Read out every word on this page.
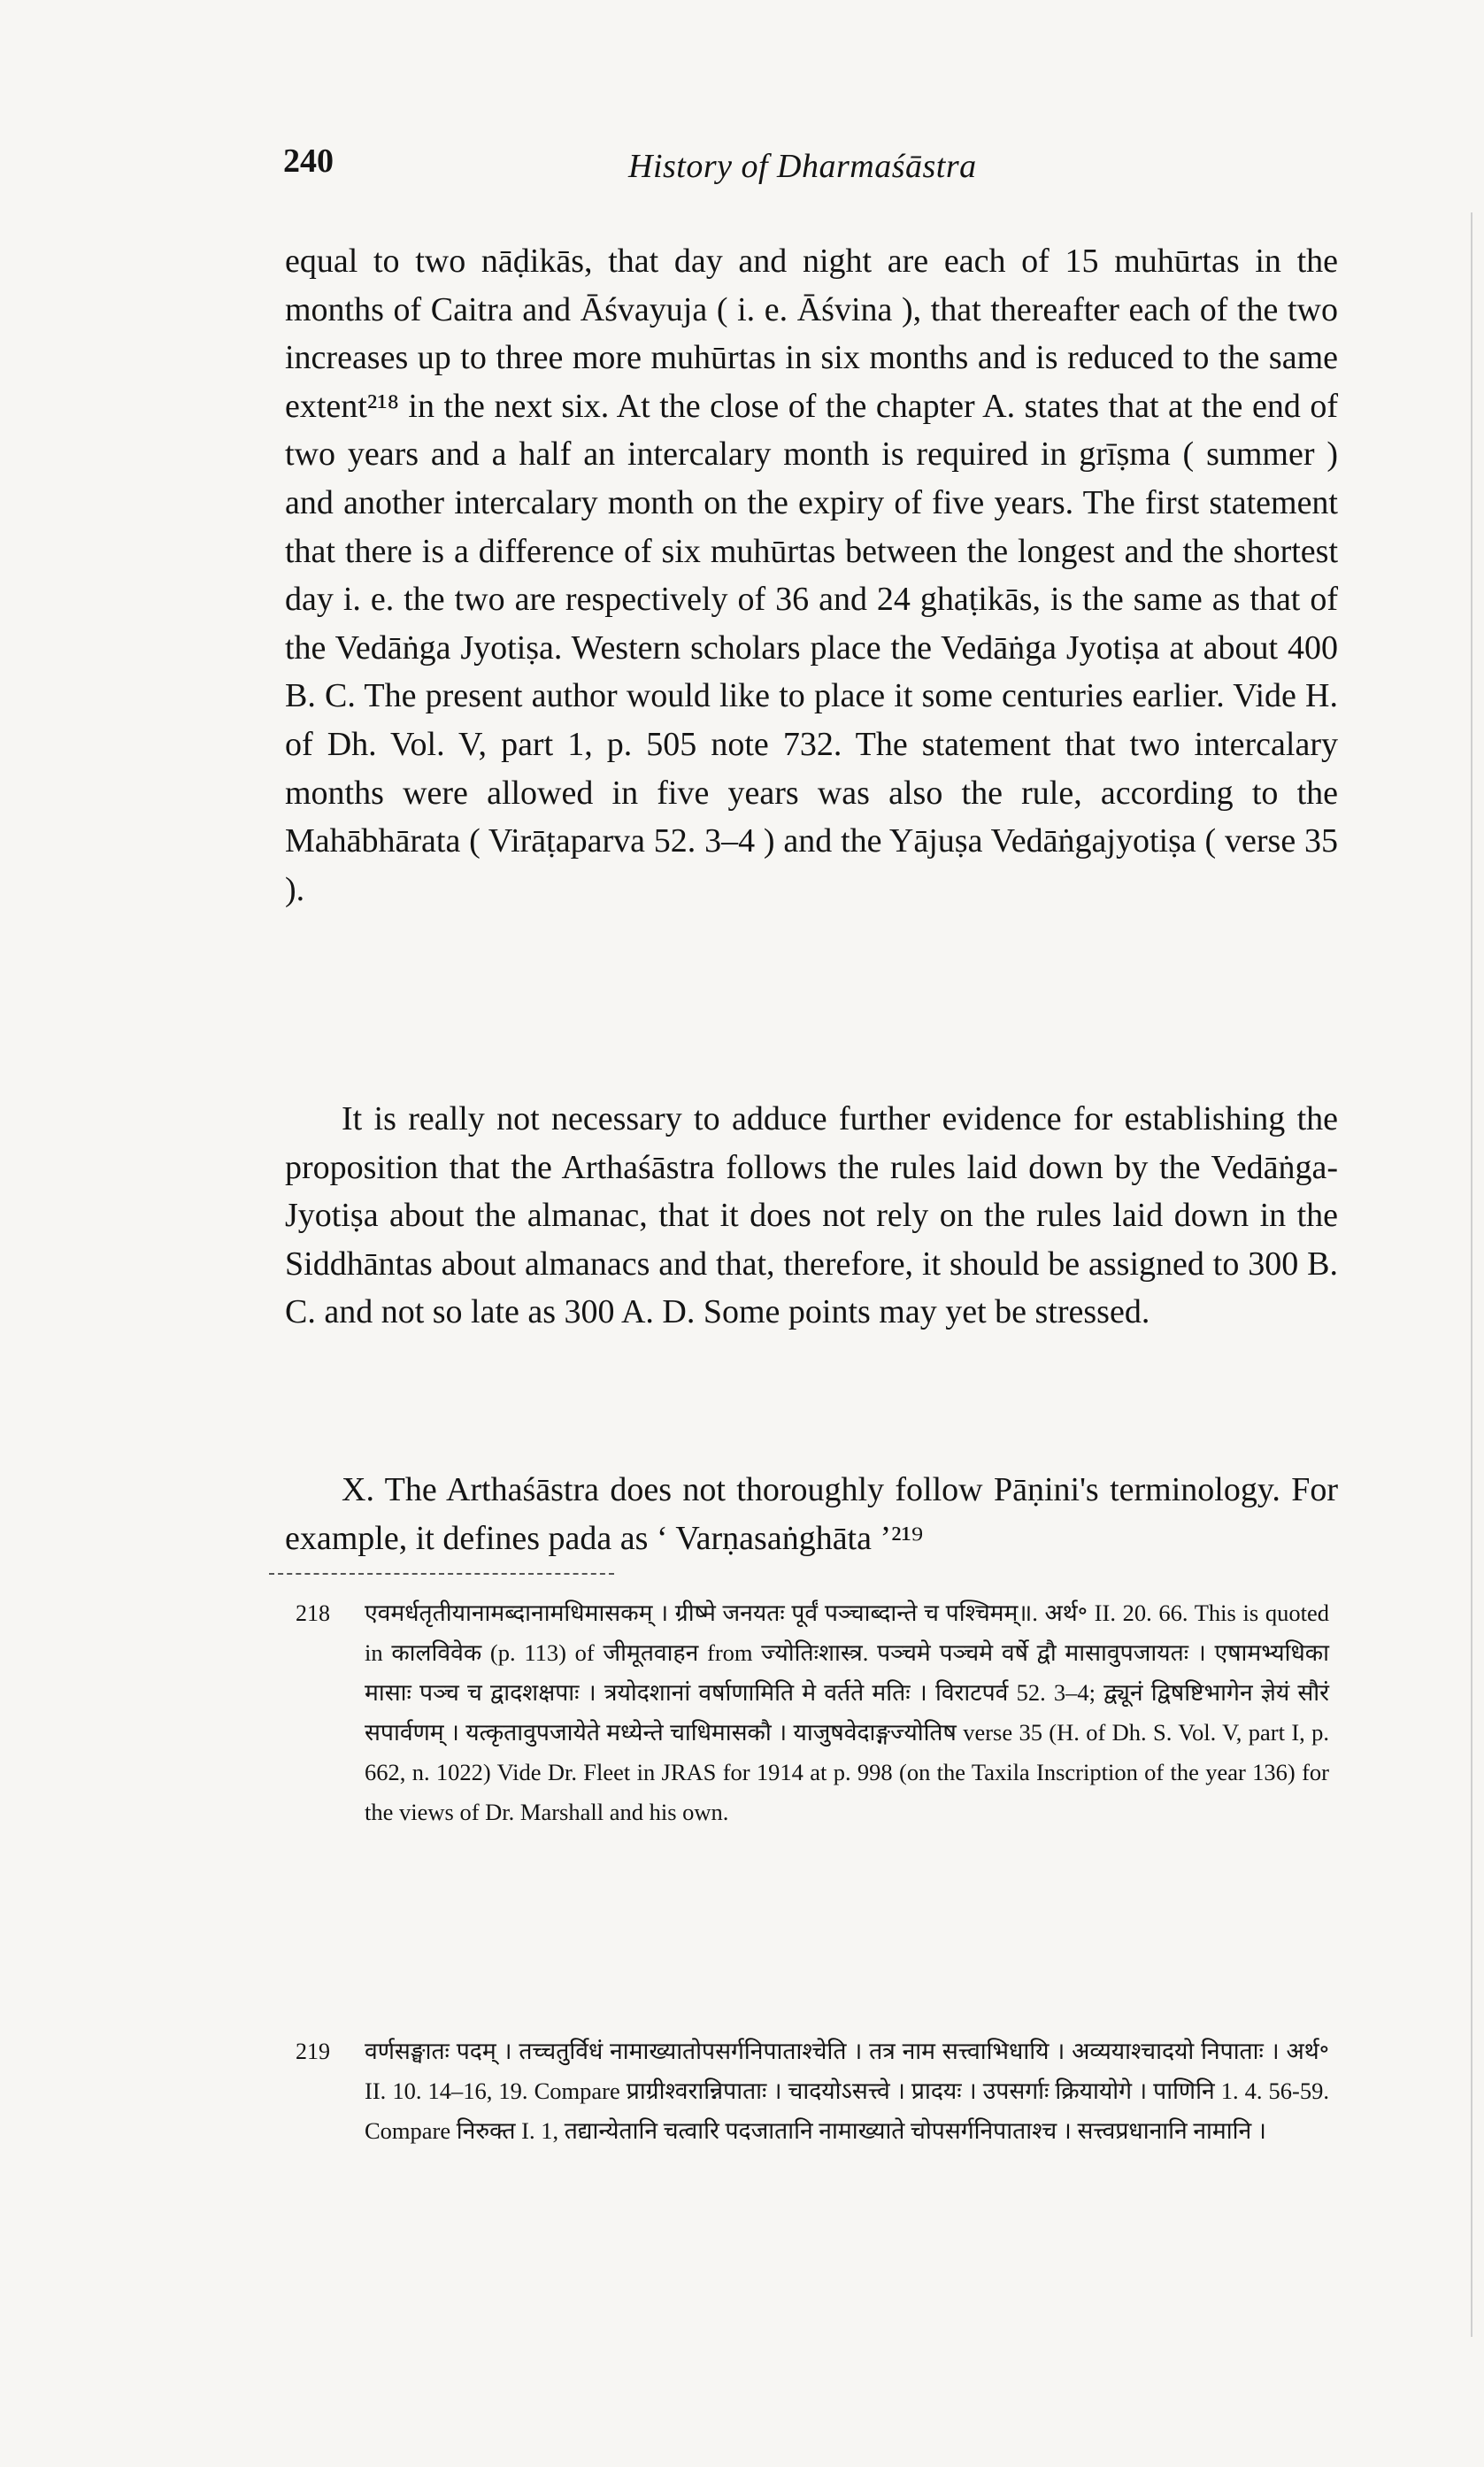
240	History of Dharmaśāstra

equal to two nāḍikās, that day and night are each of 15 muhūrtas in the months of Caitra and Āśvayuja ( i. e. Āśvina ), that thereafter each of the two increases up to three more muhūrtas in six months and is reduced to the same extent²¹⁸ in the next six. At the close of the chapter A. states that at the end of two years and a half an intercalary month is required in grīṣma ( summer ) and another intercalary month on the expiry of five years. The first statement that there is a difference of six muhūrtas between the longest and the shortest day i. e. the two are respectively of 36 and 24 ghaṭikās, is the same as that of the Vedāṅga Jyotiṣa. Western scholars place the Vedāṅga Jyotiṣa at about 400 B. C. The present author would like to place it some centuries earlier. Vide H. of Dh. Vol. V, part 1, p. 505 note 732. The statement that two intercalary months were allowed in five years was also the rule, according to the Mahābhārata ( Virāṭaparva 52. 3–4 ) and the Yājuṣa Vedāṅgajyotiṣa ( verse 35 ).

It is really not necessary to adduce further evidence for establishing the proposition that the Arthaśāstra follows the rules laid down by the Vedāṅga-Jyotiṣa about the almanac, that it does not rely on the rules laid down in the Siddhāntas about almanacs and that, therefore, it should be assigned to 300 B. C. and not so late as 300 A. D. Some points may yet be stressed.

X. The Arthaśāstra does not thoroughly follow Pāṇini's terminology. For example, it defines pada as ‘ Varṇasaṅghāta ’²¹⁹

218 एवमर्धतृतीयानामब्दानामधिमासकम् । ग्रीष्मे जनयतः पूर्वं पञ्चाब्दान्ते च पश्चिमम्॥. अर्थ॰ II. 20. 66. This is quoted in कालविवेक (p. 113) of जीमूतवाहन from ज्योतिःशास्त्र. पञ्चमे पञ्चमे वर्षे द्वौ मासावुपजायतः । एषामभ्यधिका मासाः पञ्च च द्वादशक्षपाः । त्रयोदशानां वर्षाणामिति मे वर्तते मतिः । विराटपर्व 52. 3–4; द्व्यूनं द्विषष्टिभागेन ज्ञेयं सौरं सपार्वणम् । यत्कृतावुपजायेते मध्येन्ते चाधिमासकौ । याजुषवेदाङ्गज्योतिष verse 35 (H. of Dh. S. Vol. V, part I, p. 662, n. 1022) Vide Dr. Fleet in JRAS for 1914 at p. 998 (on the Taxila Inscription of the year 136) for the views of Dr. Marshall and his own.

219 वर्णसङ्घातः पदम् । तच्चतुर्विधं नामाख्यातोपसर्गनिपाताश्चेति । तत्र नाम सत्त्वाभिधायि । अव्ययाश्चादयो निपाताः । अर्थ॰ II. 10. 14–16, 19. Compare प्राग्रीश्वरान्निपाताः । चादयोऽसत्त्वे । प्रादयः । उपसर्गाः क्रियायोगे । पाणिनि 1. 4. 56-59. Compare निरुक्त I. 1, तद्यान्येतानि चत्वारि पदजातानि नामाख्याते चोपसर्गनिपाताश्च । सत्त्वप्रधानानि नामानि ।
